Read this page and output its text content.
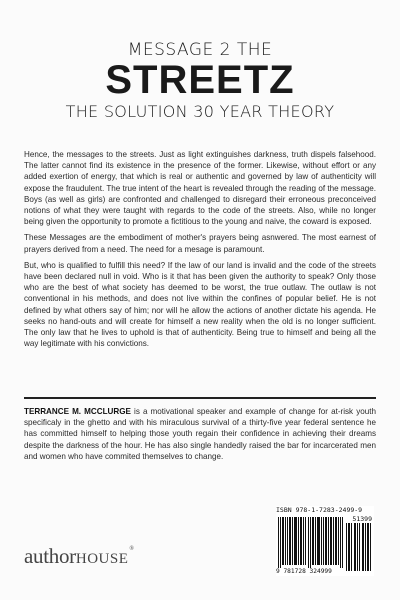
MESSAGE 2 THE
STREETZ
THE SOLUTION 30 YEAR THEORY

Hence, the messages to the streets. Just as light extinguishes darkness, truth dispels falsehood. The latter cannot find its existence in the presence of the former. Likewise, without effort or any added exertion of energy, that which is real or authentic and governed by law of authenticity will expose the fraudulent. The true intent of the heart is revealed through the reading of the message. Boys (as well as girls) are confronted and challenged to disregard their erroneous preconceived notions of what they were taught with regards to the code of the streets. Also, while no longer being given the opportunity to promote a fictitious to the young and naive, the coward is exposed.

These Messages are the embodiment of mother's prayers being asnwered. The most earnest of prayers derived from a need. The need for a mesage is paramount.

But, who is qualified to fulfill this need? If the law of our land is invalid and the code of the streets have been declared null in void. Who is it that has been given the authority to speak? Only those who are the best of what society has deemed to be worst, the true outlaw. The outlaw is not conventional in his methods, and does not live within the confines of popular belief. He is not defined by what others say of him; nor will he allow the actions of another dictate his agenda. He seeks no hand-outs and will create for himself a new reality when the old is no longer sufficient. The only law that he lives to uphold is that of authenticity. Being true to himself and being all the way legitimate with his convictions.

TERRANCE M. MCCLURGE is a motivational speaker and example of change for at-risk youth specificaly in the ghetto and with his miraculous survival of a thirty-five year federal sentence he has committed himself to helping those youth regain their confidence in achieving their dreams despite the darkness of the hour. He has also single handedly raised the bar for incarcerated men and women who have commited themselves to change.
ISBN 978-1-7283-2499-9
51399
9 781728 324999
authorHOUSE®
